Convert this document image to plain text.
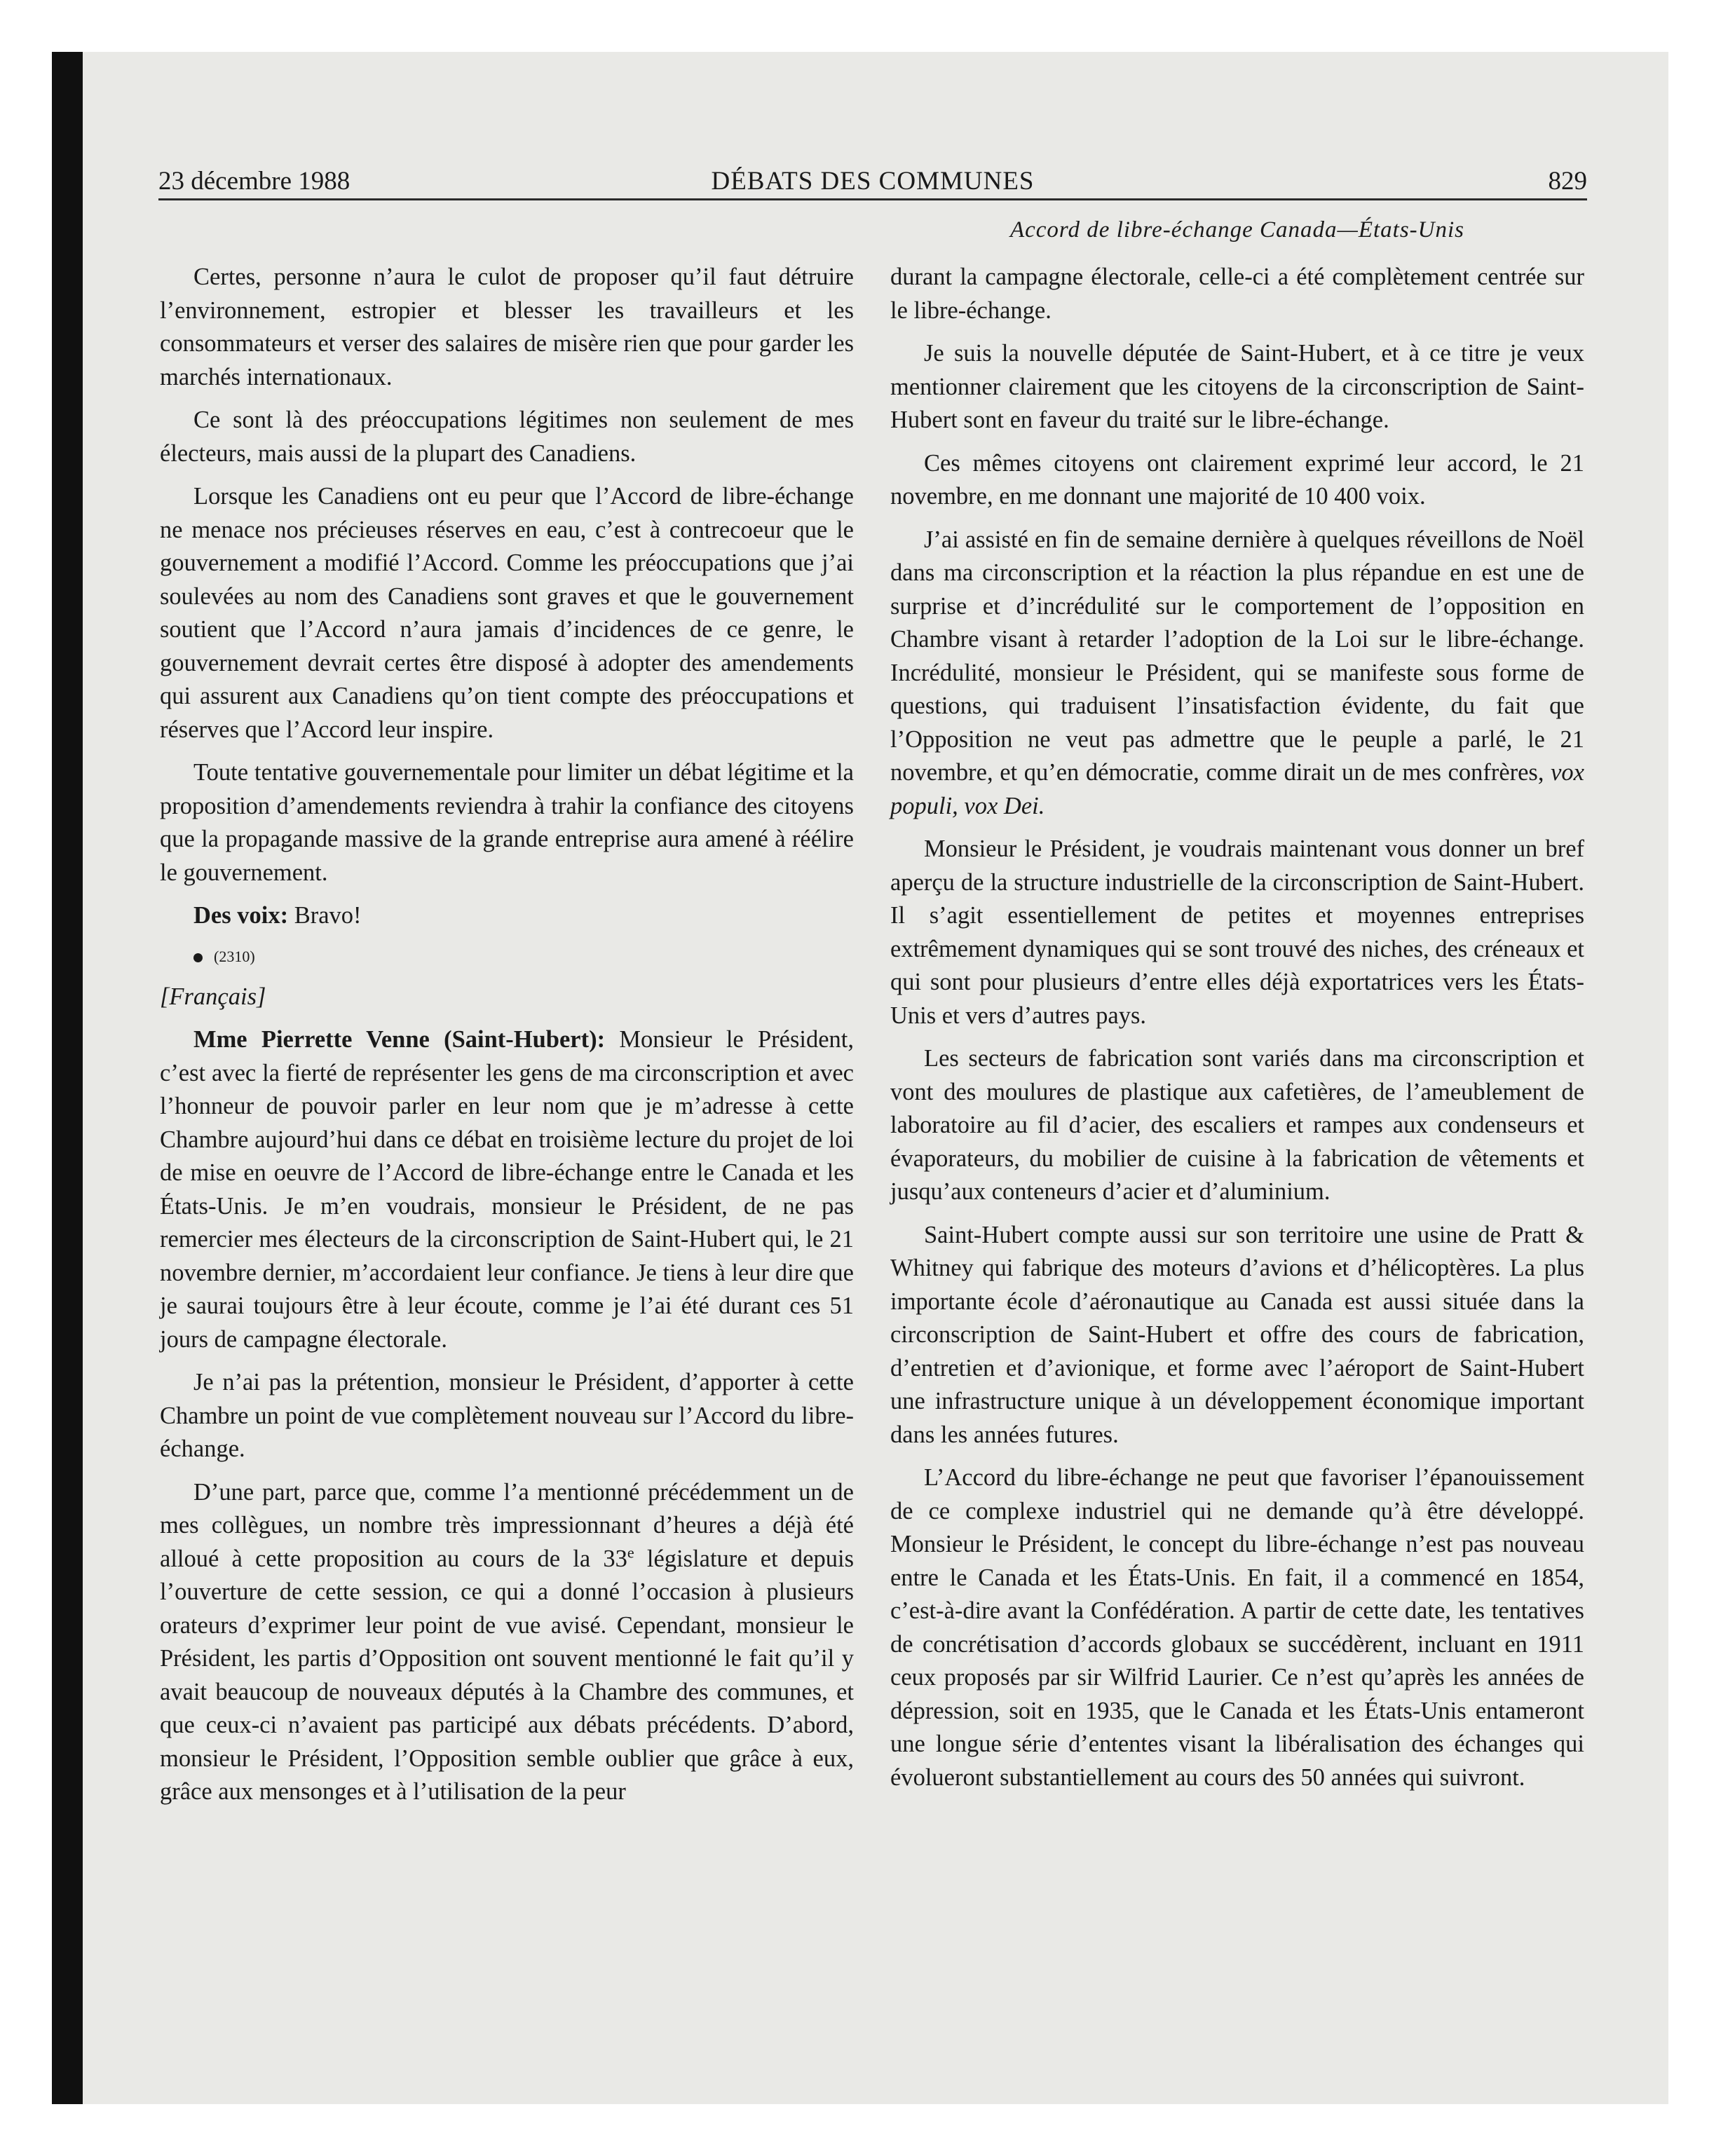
23 décembre 1988	DÉBATS DES COMMUNES	829
Accord de libre-échange Canada—États-Unis

Certes, personne n’aura le culot de proposer qu’il faut détruire l’environnement, estropier et blesser les travailleurs et les consommateurs et verser des salaires de misère rien que pour garder les marchés internationaux.

Ce sont là des préoccupations légitimes non seulement de mes électeurs, mais aussi de la plupart des Canadiens.

Lorsque les Canadiens ont eu peur que l’Accord de libre-échange ne menace nos précieuses réserves en eau, c’est à contrecoeur que le gouvernement a modifié l’Accord. Comme les préoccupations que j’ai soulevées au nom des Canadiens sont graves et que le gouvernement soutient que l’Accord n’aura jamais d’incidences de ce genre, le gouvernement devrait certes être disposé à adopter des amendements qui assurent aux Canadiens qu’on tient compte des préoccupations et réserves que l’Accord leur inspire.

Toute tentative gouvernementale pour limiter un débat légitime et la proposition d’amendements reviendra à trahir la confiance des citoyens que la propagande massive de la grande entreprise aura amené à réélire le gouvernement.

Des voix: Bravo!

(2310)

[Français]

Mme Pierrette Venne (Saint-Hubert): Monsieur le Président, c’est avec la fierté de représenter les gens de ma circonscription et avec l’honneur de pouvoir parler en leur nom que je m’adresse à cette Chambre aujourd’hui dans ce débat en troisième lecture du projet de loi de mise en oeuvre de l’Accord de libre-échange entre le Canada et les États-Unis. Je m’en voudrais, monsieur le Président, de ne pas remercier mes électeurs de la circonscription de Saint-Hubert qui, le 21 novembre dernier, m’accordaient leur confiance. Je tiens à leur dire que je saurai toujours être à leur écoute, comme je l’ai été durant ces 51 jours de campagne électorale.

Je n’ai pas la prétention, monsieur le Président, d’apporter à cette Chambre un point de vue complètement nouveau sur l’Accord du libre-échange.

D’une part, parce que, comme l’a mentionné précédemment un de mes collègues, un nombre très impressionnant d’heures a déjà été alloué à cette proposition au cours de la 33e législature et depuis l’ouverture de cette session, ce qui a donné l’occasion à plusieurs orateurs d’exprimer leur point de vue avisé. Cependant, monsieur le Président, les partis d’Opposition ont souvent mentionné le fait qu’il y avait beaucoup de nouveaux députés à la Chambre des communes, et que ceux-ci n’avaient pas participé aux débats précédents. D’abord, monsieur le Président, l’Opposition semble oublier que grâce à eux, grâce aux mensonges et à l’utilisation de la peur

durant la campagne électorale, celle-ci a été complètement centrée sur le libre-échange.

Je suis la nouvelle députée de Saint-Hubert, et à ce titre je veux mentionner clairement que les citoyens de la circonscription de Saint-Hubert sont en faveur du traité sur le libre-échange.

Ces mêmes citoyens ont clairement exprimé leur accord, le 21 novembre, en me donnant une majorité de 10 400 voix.

J’ai assisté en fin de semaine dernière à quelques réveillons de Noël dans ma circonscription et la réaction la plus répandue en est une de surprise et d’incrédulité sur le comportement de l’opposition en Chambre visant à retarder l’adoption de la Loi sur le libre-échange. Incrédulité, monsieur le Président, qui se manifeste sous forme de questions, qui traduisent l’insatisfaction évidente, du fait que l’Opposition ne veut pas admettre que le peuple a parlé, le 21 novembre, et qu’en démocratie, comme dirait un de mes confrères, vox populi, vox Dei.

Monsieur le Président, je voudrais maintenant vous donner un bref aperçu de la structure industrielle de la circonscription de Saint-Hubert. Il s’agit essentiellement de petites et moyennes entreprises extrêmement dynamiques qui se sont trouvé des niches, des créneaux et qui sont pour plusieurs d’entre elles déjà exportatrices vers les États-Unis et vers d’autres pays.

Les secteurs de fabrication sont variés dans ma circonscription et vont des moulures de plastique aux cafetières, de l’ameublement de laboratoire au fil d’acier, des escaliers et rampes aux condenseurs et évaporateurs, du mobilier de cuisine à la fabrication de vêtements et jusqu’aux conteneurs d’acier et d’aluminium.

Saint-Hubert compte aussi sur son territoire une usine de Pratt & Whitney qui fabrique des moteurs d’avions et d’hélicoptères. La plus importante école d’aéronautique au Canada est aussi située dans la circonscription de Saint-Hubert et offre des cours de fabrication, d’entretien et d’avionique, et forme avec l’aéroport de Saint-Hubert une infrastructure unique à un développement économique important dans les années futures.

L’Accord du libre-échange ne peut que favoriser l’épanouissement de ce complexe industriel qui ne demande qu’à être développé. Monsieur le Président, le concept du libre-échange n’est pas nouveau entre le Canada et les États-Unis. En fait, il a commencé en 1854, c’est-à-dire avant la Confédération. A partir de cette date, les tentatives de concrétisation d’accords globaux se succédèrent, incluant en 1911 ceux proposés par sir Wilfrid Laurier. Ce n’est qu’après les années de dépression, soit en 1935, que le Canada et les États-Unis entameront une longue série d’ententes visant la libéralisation des échanges qui évolueront substantiellement au cours des 50 années qui suivront.
